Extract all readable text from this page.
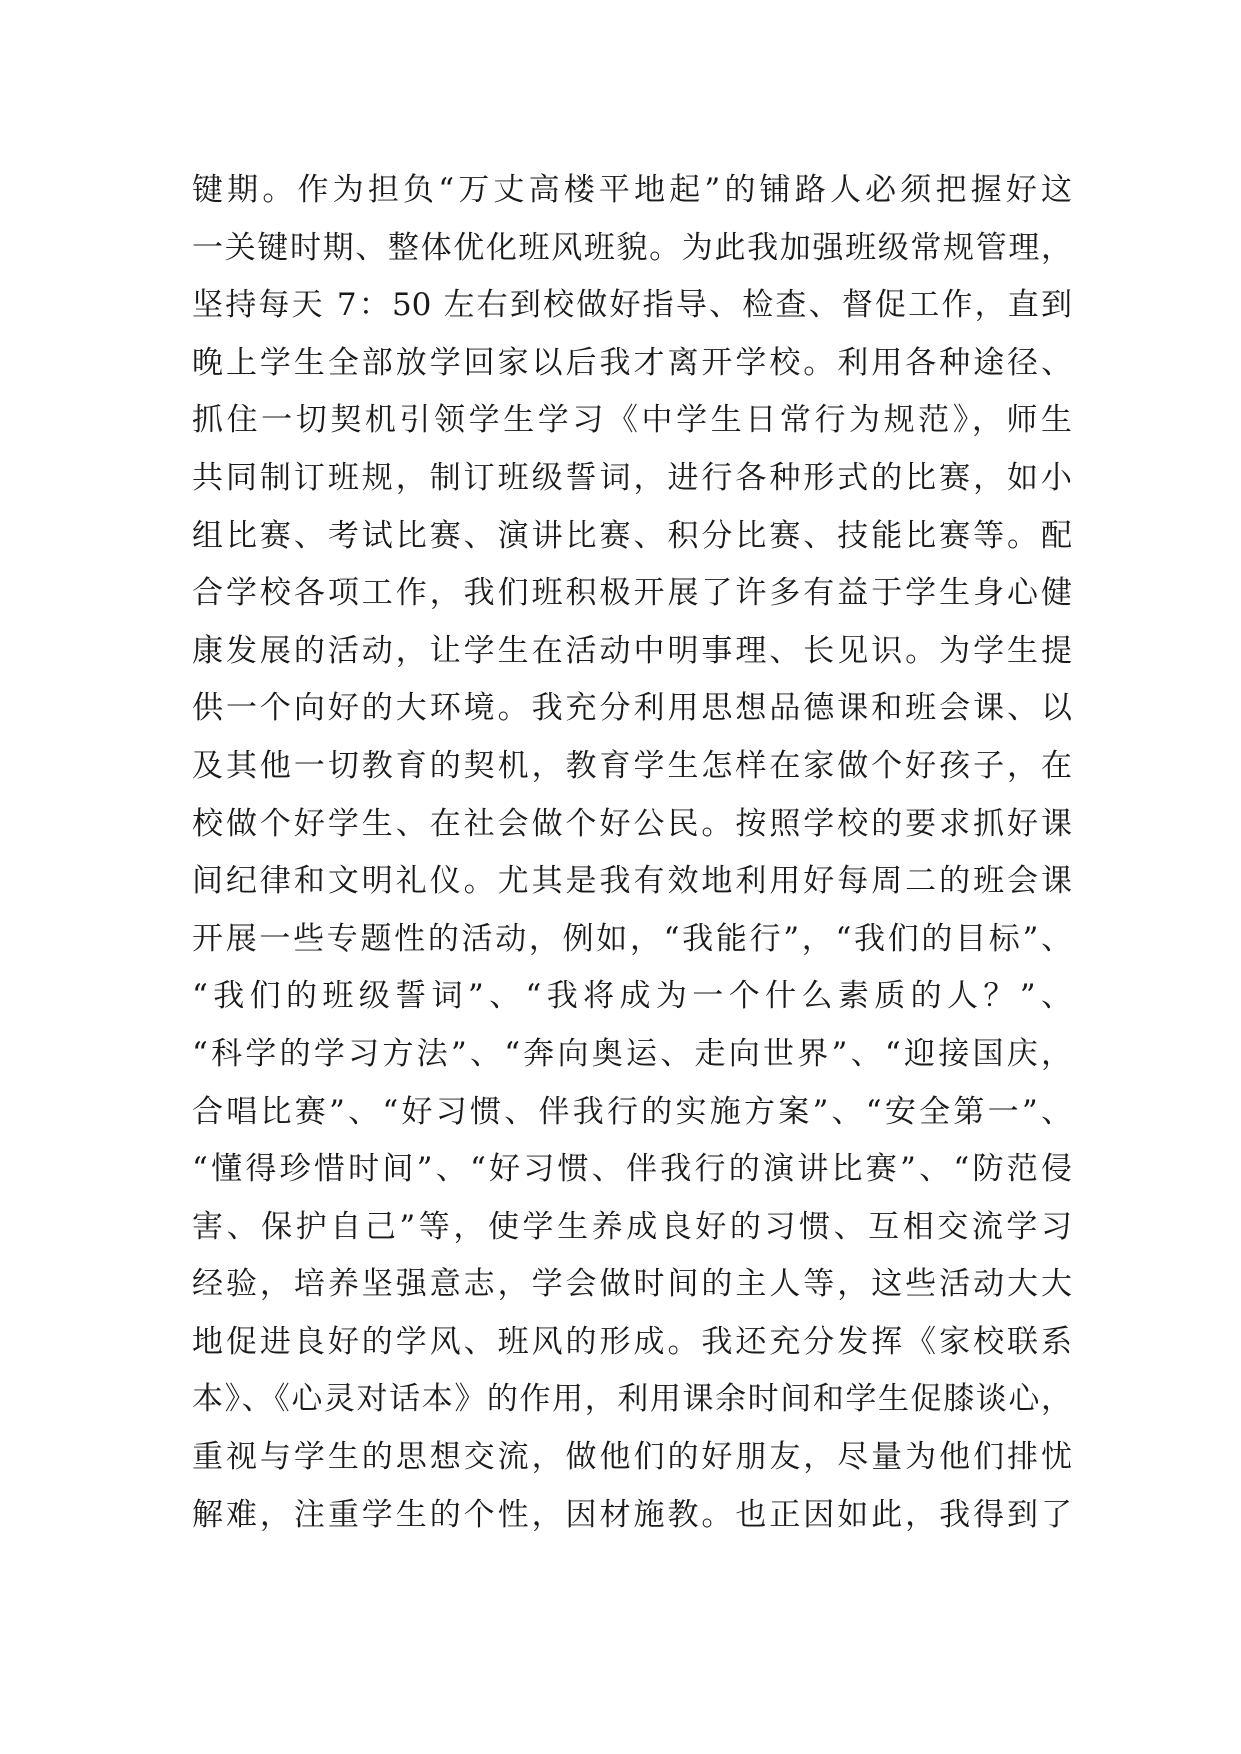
键期。作为担负“万丈高楼平地起”的铺路人必须把握好这
一关键时期、整体优化班风班貌。为此我加强班级常规管理，
坚持每天 7：50 左右到校做好指导、检查、督促工作，直到
晚上学生全部放学回家以后我才离开学校。利用各种途径、
抓住一切契机引领学生学习《中学生日常行为规范》，师生
共同制订班规，制订班级誓词，进行各种形式的比赛，如小
组比赛、考试比赛、演讲比赛、积分比赛、技能比赛等。配
合学校各项工作，我们班积极开展了许多有益于学生身心健
康发展的活动，让学生在活动中明事理、长见识。为学生提
供一个向好的大环境。我充分利用思想品德课和班会课、以
及其他一切教育的契机，教育学生怎样在家做个好孩子，在
校做个好学生、在社会做个好公民。按照学校的要求抓好课
间纪律和文明礼仪。尤其是我有效地利用好每周二的班会课
开展一些专题性的活动，例如，“我能行”，“我们的目标”、
“我们的班级誓词”、“我将成为一个什么素质的人？”、
“科学的学习方法”、“奔向奥运、走向世界”、“迎接国庆，
合唱比赛”、“好习惯、伴我行的实施方案”、“安全第一”、
“懂得珍惜时间”、“好习惯、伴我行的演讲比赛”、“防范侵
害、保护自己”等，使学生养成良好的习惯、互相交流学习
经验，培养坚强意志，学会做时间的主人等，这些活动大大
地促进良好的学风、班风的形成。我还充分发挥《家校联系
本》、《心灵对话本》的作用，利用课余时间和学生促膝谈心，
重视与学生的思想交流，做他们的好朋友，尽量为他们排忧
解难，注重学生的个性，因材施教。也正因如此，我得到了
